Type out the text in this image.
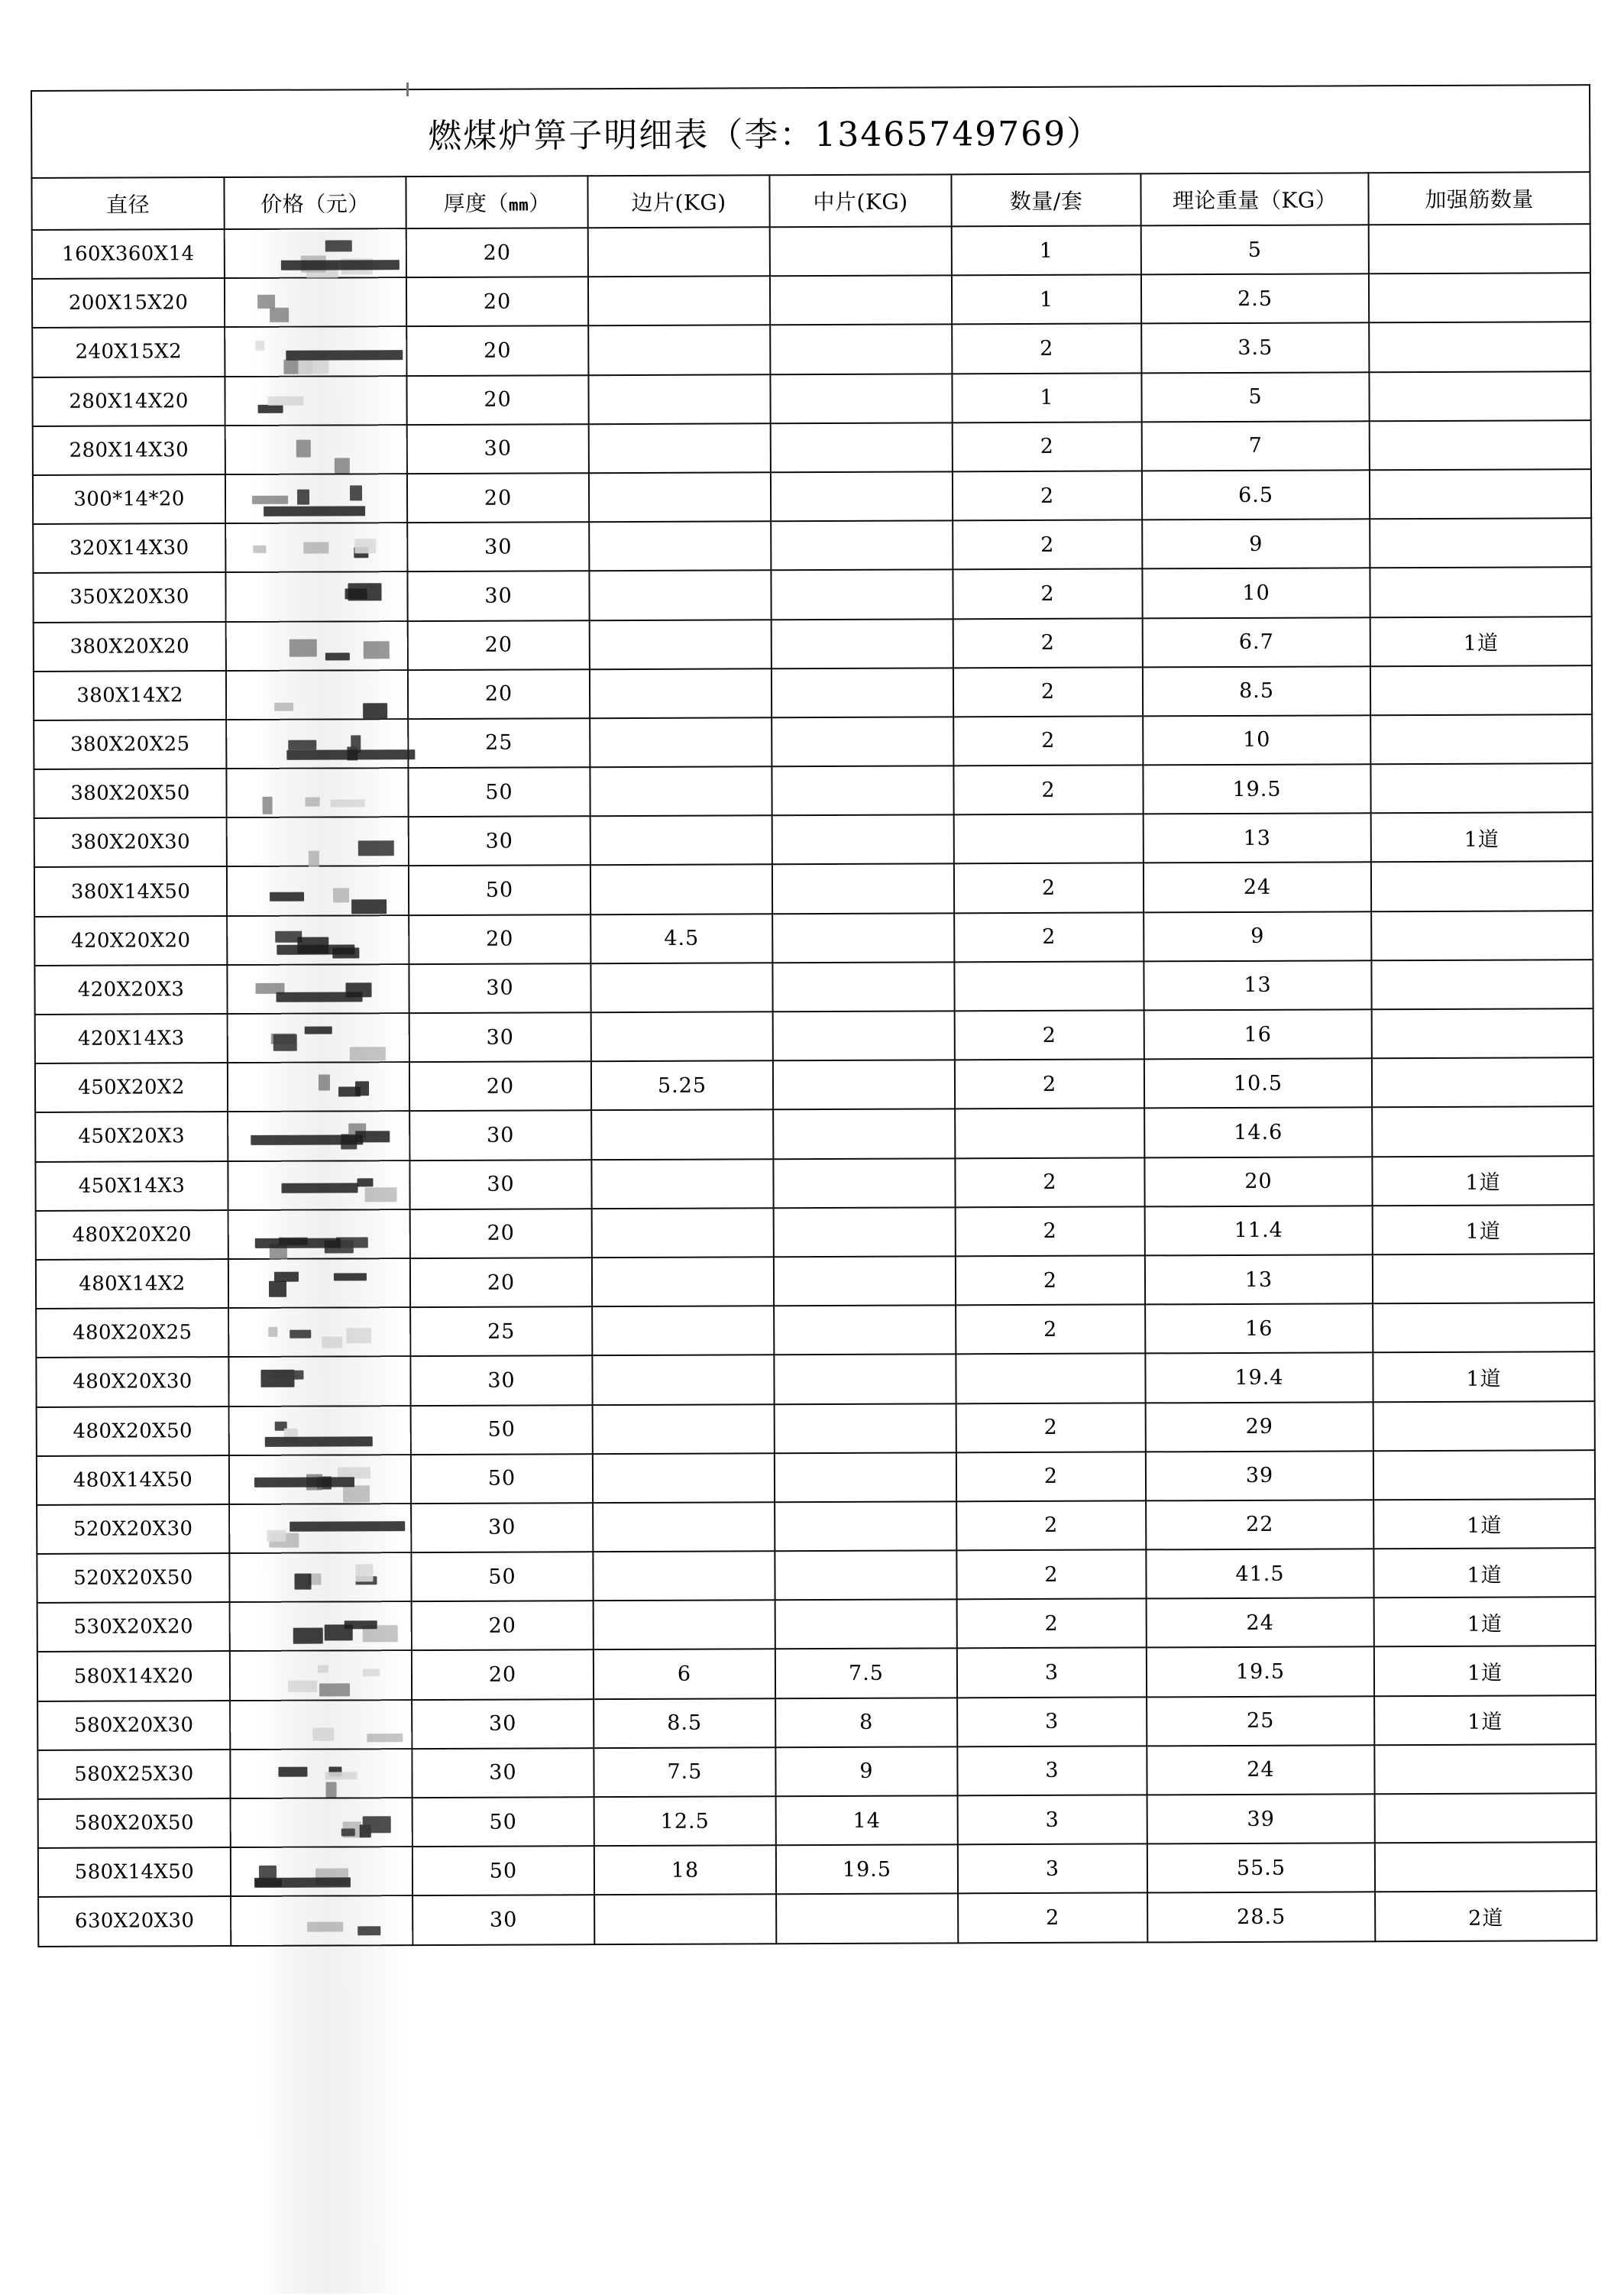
燃煤炉箅子明细表（李：13465749769）							

直径	价格（元）	厚度（mm）	边片(KG)	中片(KG)	数量/套	理论重量（KG）	加强筋数量
160X360X14		20			1	5	
200X15X20		20			1	2.5	
240X15X2		20			2	3.5	
280X14X20		20			1	5	
280X14X30		30			2	7	
300*14*20		20			2	6.5	
320X14X30		30			2	9	
350X20X30		30			2	10	
380X20X20		20			2	6.7	1道
380X14X2		20			2	8.5	
380X20X25		25			2	10	
380X20X50		50			2	19.5	
380X20X30		30				13	1道
380X14X50		50			2	24	
420X20X20		20	4.5		2	9	
420X20X3		30				13	
420X14X3		30			2	16	
450X20X2		20	5.25		2	10.5	
450X20X3		30				14.6	
450X14X3		30			2	20	1道
480X20X20		20			2	11.4	1道
480X14X2		20			2	13	
480X20X25		25			2	16	
480X20X30		30				19.4	1道
480X20X50		50			2	29	
480X14X50		50			2	39	
520X20X30		30			2	22	1道
520X20X50		50			2	41.5	1道
530X20X20		20			2	24	1道
580X14X20		20	6	7.5	3	19.5	1道
580X20X30		30	8.5	8	3	25	1道
580X25X30		30	7.5	9	3	24	
580X20X50		50	12.5	14	3	39	
580X14X50		50	18	19.5	3	55.5	
630X20X30		30			2	28.5	2道
